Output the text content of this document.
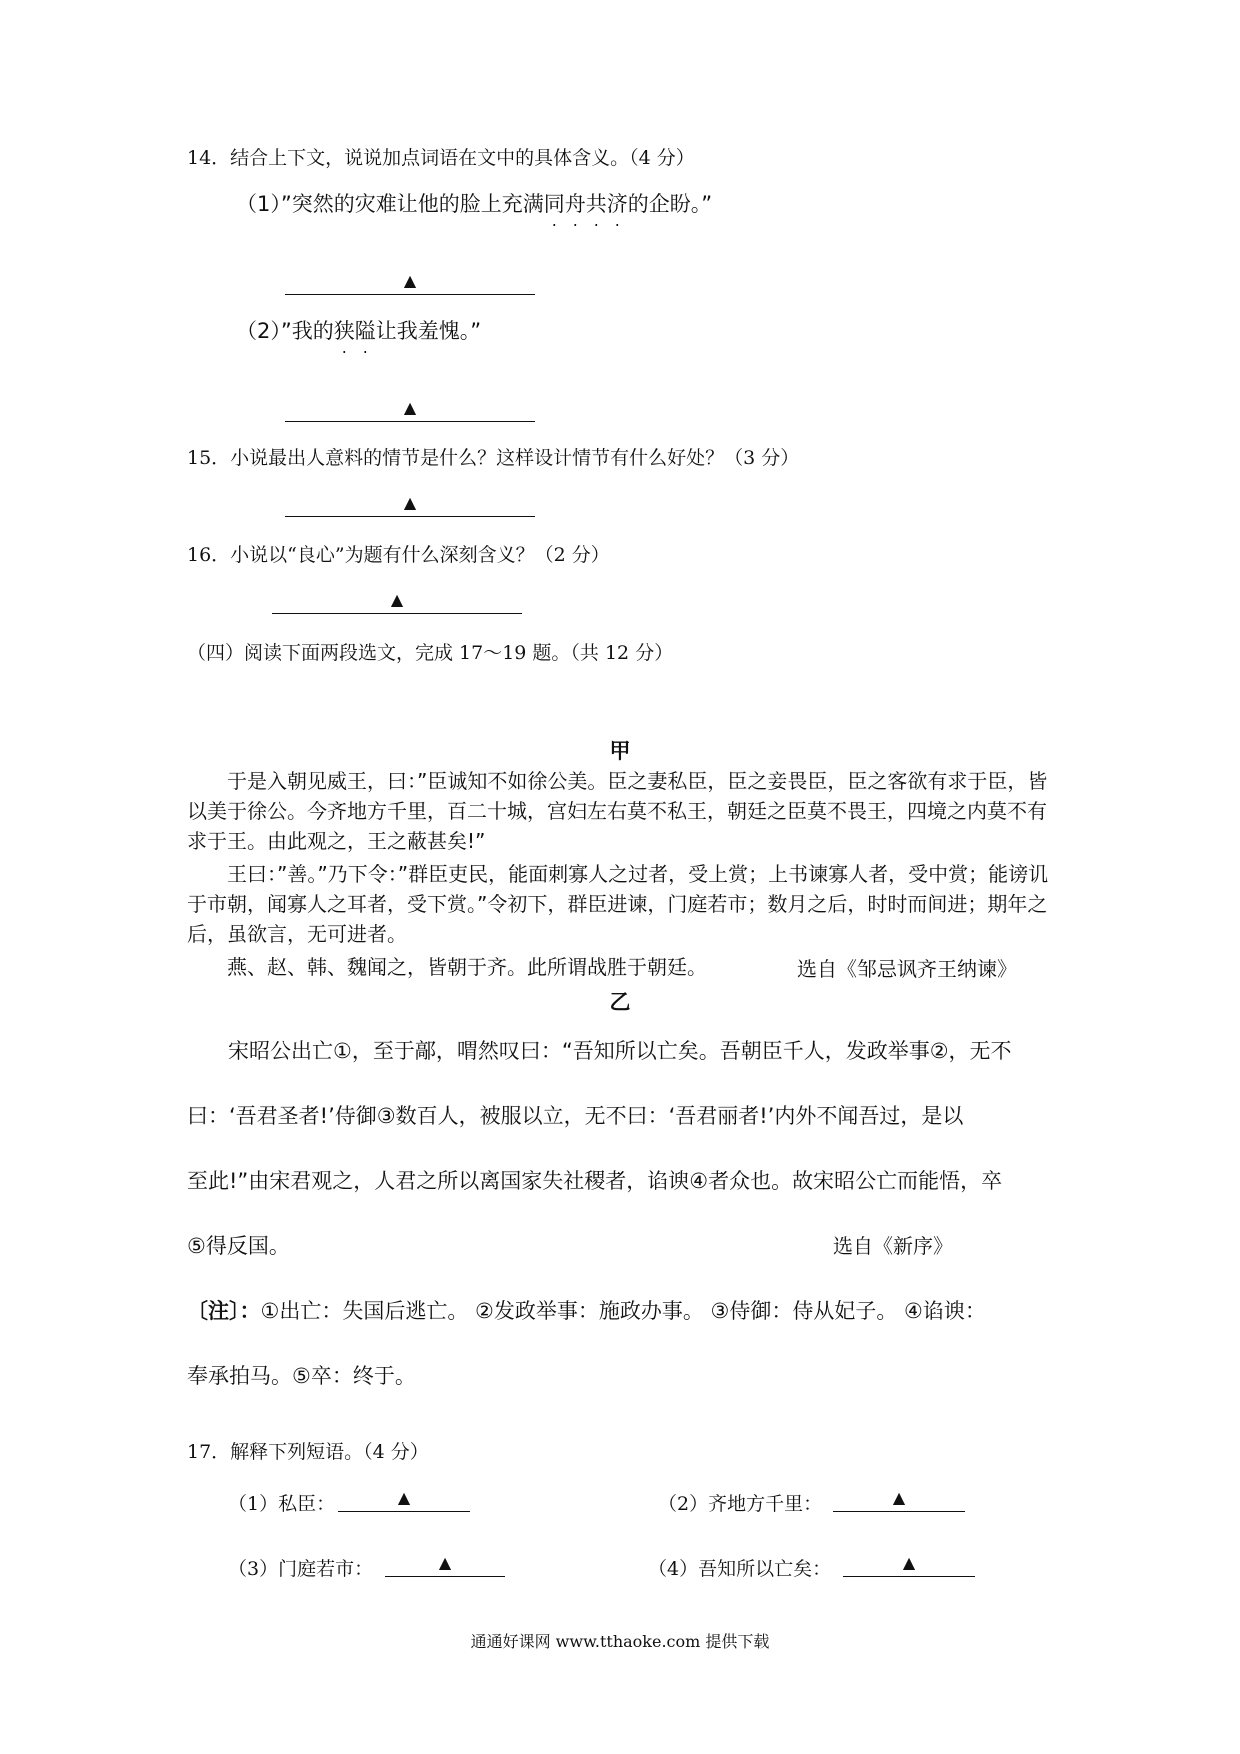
14．结合上下文，说说加点词语在文中的具体含义。（4 分）
（1）”突然的灾难让他的脸上充满同舟共济的企盼。”
▲
（2）”我的狭隘让我羞愧。”
▲
15．小说最出人意料的情节是什么？这样设计情节有什么好处？（3 分）
▲
16．小说以“良心”为题有什么深刻含义？（2 分）
▲
（四）阅读下面两段选文，完成 17～19 题。（共 12 分）
甲
于是入朝见威王，曰：”臣诚知不如徐公美。臣之妻私臣，臣之妾畏臣，臣之客欲有求于臣，皆以美于徐公。今齐地方千里，百二十城，宫妇左右莫不私王，朝廷之臣莫不畏王，四境之内莫不有求于王。由此观之，王之蔽甚矣!”
王曰：”善。”乃下令：”群臣吏民，能面刺寡人之过者，受上赏；上书谏寡人者，受中赏；能谤讥于市朝，闻寡人之耳者，受下赏。”令初下，群臣进谏，门庭若市；数月之后，时时而间进；期年之后，虽欲言，无可进者。
燕、赵、韩、魏闻之，皆朝于齐。此所谓战胜于朝廷。	选自《邹忌讽齐王纳谏》
乙
宋昭公出亡①，至于鄗，喟然叹曰：“吾知所以亡矣。吾朝臣千人，发政举事②，无不
曰：‘吾君圣者!’侍御③数百人，被服以立，无不曰：‘吾君丽者!’内外不闻吾过，是以
至此!”由宋君观之，人君之所以离国家失社稷者，谄谀④者众也。故宋昭公亡而能悟，卒
⑤得反国。	选自《新序》
〔注〕：①出亡：失国后逃亡。 ②发政举事：施政办事。 ③侍御：侍从妃子。 ④谄谀：
奉承拍马。⑤卒：终于。
17．解释下列短语。（4 分）
（1）私臣：	▲	（2）齐地方千里：	▲
（3）门庭若市：	▲	（4）吾知所以亡矣：	▲
通通好课网 www.tthaoke.com 提供下载
